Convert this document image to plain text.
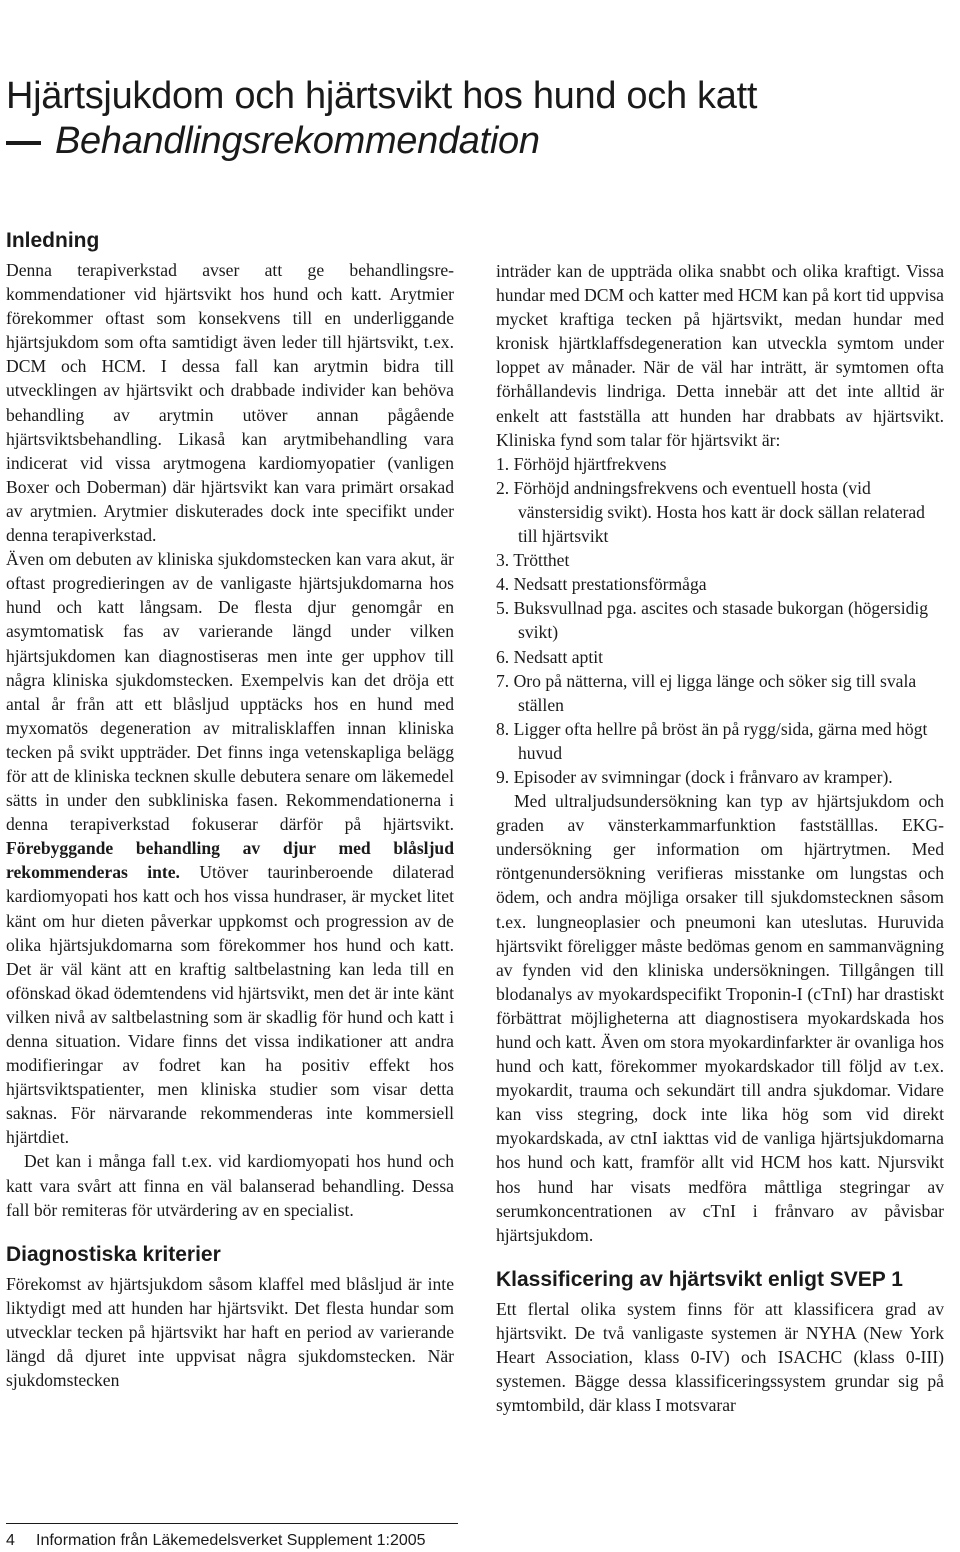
Hjärtsjukdom och hjärtsvikt hos hund och katt
Behandlingsrekommendation
Inledning

Denna terapiverkstad avser att ge behandlingsrekommendationer vid hjärtsvikt hos hund och katt. Arytmier förekommer oftast som konsekvens till en underliggande hjärtsjukdom som ofta samtidigt även leder till hjärtsvikt, t.ex. DCM och HCM. I dessa fall kan arytmin bidra till utvecklingen av hjärtsvikt och drabbade individer kan behöva behandling av arytmin utöver annan pågående hjärtsviktsbehandling. Likaså kan arytmibehandling vara indicerat vid vissa arytmogena kardiomyopatier (vanligen Boxer och Doberman) där hjärtsvikt kan vara primärt orsakad av arytmien. Arytmier diskuterades dock inte specifikt under denna terapiverkstad.

Även om debuten av kliniska sjukdomstecken kan vara akut, är oftast progredieringen av de vanligaste hjärtsjukdomarna hos hund och katt långsam. De flesta djur genomgår en asymtomatisk fas av varierande längd under vilken hjärtsjukdomen kan diagnostiseras men inte ger upphov till några kliniska sjukdomstecken. Exempelvis kan det dröja ett antal år från att ett blåsljud upptäcks hos en hund med myxomatös degeneration av mitralisklaffen innan kliniska tecken på svikt uppträder. Det finns inga vetenskapliga belägg för att de kliniska tecknen skulle debutera senare om läkemedel sätts in under den subkliniska fasen. Rekommendationerna i denna terapiverkstad fokuserar därför på hjärtsvikt. Förebyggande behandling av djur med blåsljud rekommenderas inte. Utöver taurinberoende dilaterad kardiomyopati hos katt och hos vissa hundraser, är mycket litet känt om hur dieten påverkar uppkomst och progression av de olika hjärtsjukdomarna som förekommer hos hund och katt. Det är väl känt att en kraftig saltbelastning kan leda till en ofönskad ökad ödemtendens vid hjärtsvikt, men det är inte känt vilken nivå av saltbelastning som är skadlig för hund och katt i denna situation. Vidare finns det vissa indikationer att andra modifieringar av fodret kan ha positiv effekt hos hjärtsviktspatienter, men kliniska studier som visar detta saknas. För närvarande rekommenderas inte kommersiell hjärtdiet.

Det kan i många fall t.ex. vid kardiomyopati hos hund och katt vara svårt att finna en väl balanserad behandling. Dessa fall bör remiteras för utvärdering av en specialist.

Diagnostiska kriterier

Förekomst av hjärtsjukdom såsom klaffel med blåsljud är inte liktydigt med att hunden har hjärtsvikt. Det flesta hundar som utvecklar tecken på hjärtsvikt har haft en period av varierande längd då djuret inte uppvisat några sjukdomstecken. När sjukdomstecken

inträder kan de uppträda olika snabbt och olika kraftigt. Vissa hundar med DCM och katter med HCM kan på kort tid uppvisa mycket kraftiga tecken på hjärtsvikt, medan hundar med kronisk hjärtklaffsdegeneration kan utveckla symtom under loppet av månader. När de väl har inträtt, är symtomen ofta förhållandevis lindriga. Detta innebär att det inte alltid är enkelt att fastställa att hunden har drabbats av hjärtsvikt. Kliniska fynd som talar för hjärtsvikt är:

1. Förhöjd hjärtfrekvens
2. Förhöjd andningsfrekvens och eventuell hosta (vid vänstersidig svikt). Hosta hos katt är dock sällan relaterad till hjärtsvikt
3. Trötthet
4. Nedsatt prestationsförmåga
5. Buksvullnad pga. ascites och stasade bukorgan (högersidig svikt)
6. Nedsatt aptit
7. Oro på nätterna, vill ej ligga länge och söker sig till svala ställen
8. Ligger ofta hellre på bröst än på rygg/sida, gärna med högt huvud
9. Episoder av svimningar (dock i frånvaro av kramper).

Med ultraljudsundersökning kan typ av hjärtsjukdom och graden av vänsterkammarfunktion fastställlas. EKG-undersökning ger information om hjärtrytmen. Med röntgenundersökning verifieras misstanke om lungstas och ödem, och andra möjliga orsaker till sjukdomstecknen såsom t.ex. lungneoplasier och pneumoni kan uteslutas. Huruvida hjärtsvikt föreligger måste bedömas genom en sammanvägning av fynden vid den kliniska undersökningen. Tillgången till blodanalys av myokardspecifikt Troponin-I (cTnI) har drastiskt förbättrat möjligheterna att diagnostisera myokardskada hos hund och katt. Även om stora myokardinfarkter är ovanliga hos hund och katt, förekommer myokardskador till följd av t.ex. myokardit, trauma och sekundärt till andra sjukdomar. Vidare kan viss stegring, dock inte lika hög som vid direkt myokardskada, av ctnI iakttas vid de vanliga hjärtsjukdomarna hos hund och katt, framför allt vid HCM hos katt. Njursvikt hos hund har visats medföra måttliga stegringar av serumkoncentrationen av cTnI i frånvaro av påvisbar hjärtsjukdom.

Klassificering av hjärtsvikt enligt SVEP 1

Ett flertal olika system finns för att klassificera grad av hjärtsvikt. De två vanligaste systemen är NYHA (New York Heart Association, klass 0-IV) och ISACHC (klass 0-III) systemen. Bägge dessa klassificeringssystem grundar sig på symtombild, där klass I motsvarar

4	Information från Läkemedelsverket Supplement 1:2005
